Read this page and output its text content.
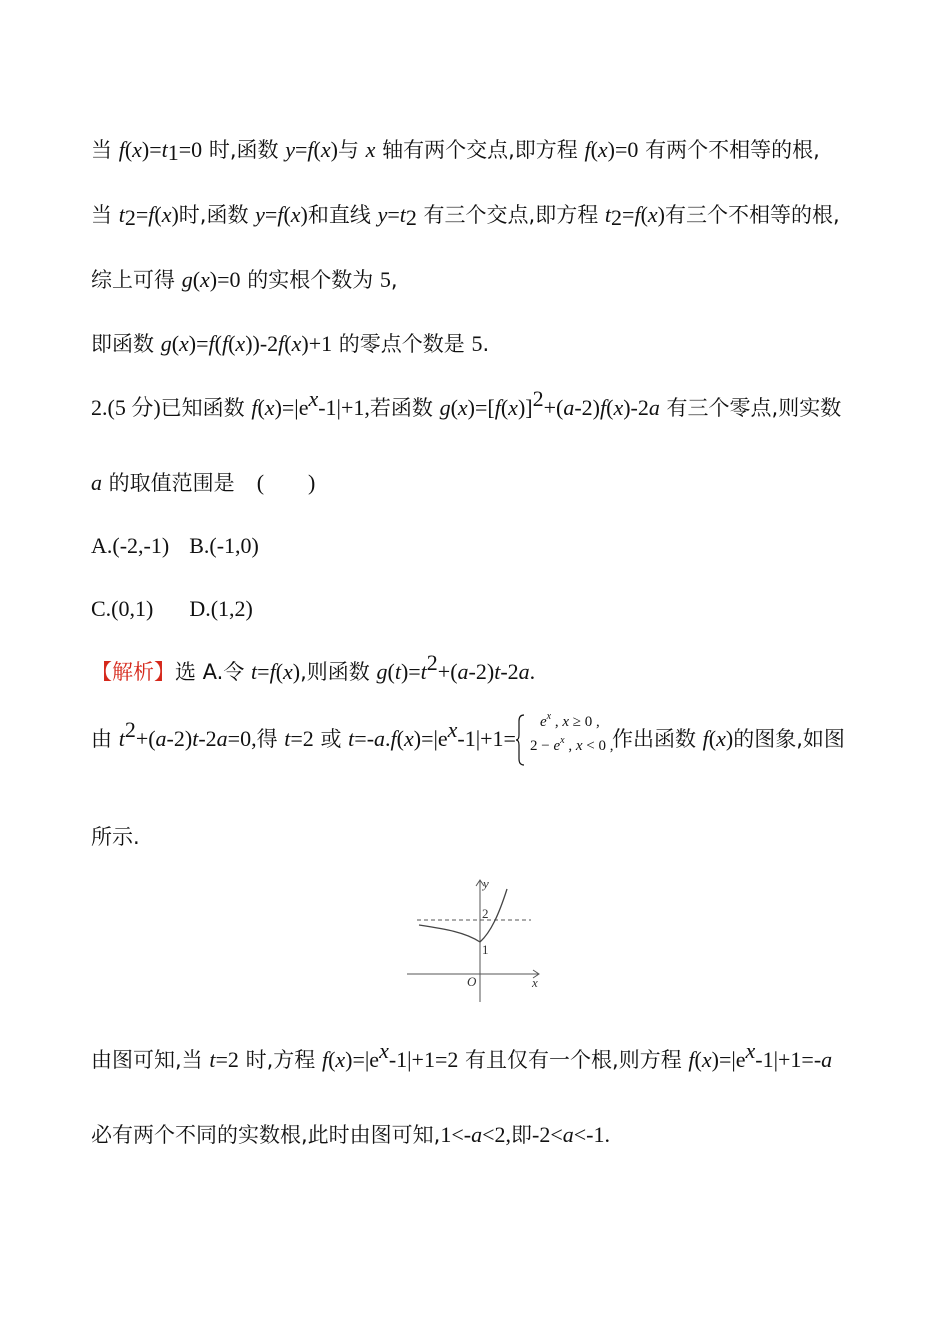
当 $f(x)=t_1=0$ 时,函数 y=f(x)与 x 轴有两个交点,即方程 f(x)=0 有两个不相等的根,
当 $t_2=f(x)$时,函数 y=f(x)和直线 $y=t_2$ 有三个交点,即方程 $t_2=f(x)$有三个不相等的根,
综上可得 g(x)=0 的实根个数为 5,
即函数 g(x)=f(f(x))-2f(x)+1 的零点个数是 5.
2.(5 分)已知函数 $f(x)=|e^x-1|+1$,若函数 $g(x)=[f(x)]^2+(a-2)f(x)-2a$ 有三个零点,则实数
a 的取值范围是　(　　)
A.(-2,-1) B.(-1,0)
C.(0,1) D.(1,2)
【解析】选 A.令 t=f(x),则函数 $g(t)=t^2+(a-2)t-2a$.
由 $t^2+(a-2)t-2a=0$,得 t=2 或 $t=-a.f(x)=|e^x-1|+1=$
$e^x$ , x ≥ 0 ,
$2 - e^x$ , x < 0 ,
作出函数 f(x)的图象,如图
所示.
y
x
O
2
1
由图可知,当 t=2 时,方程 $f(x)=|e^x-1|+1=2$ 有且仅有一个根,则方程 $f(x)=|e^x-1|+1=-a$
必有两个不同的实数根,此时由图可知,1<-a<2,即-2<a<-1.
